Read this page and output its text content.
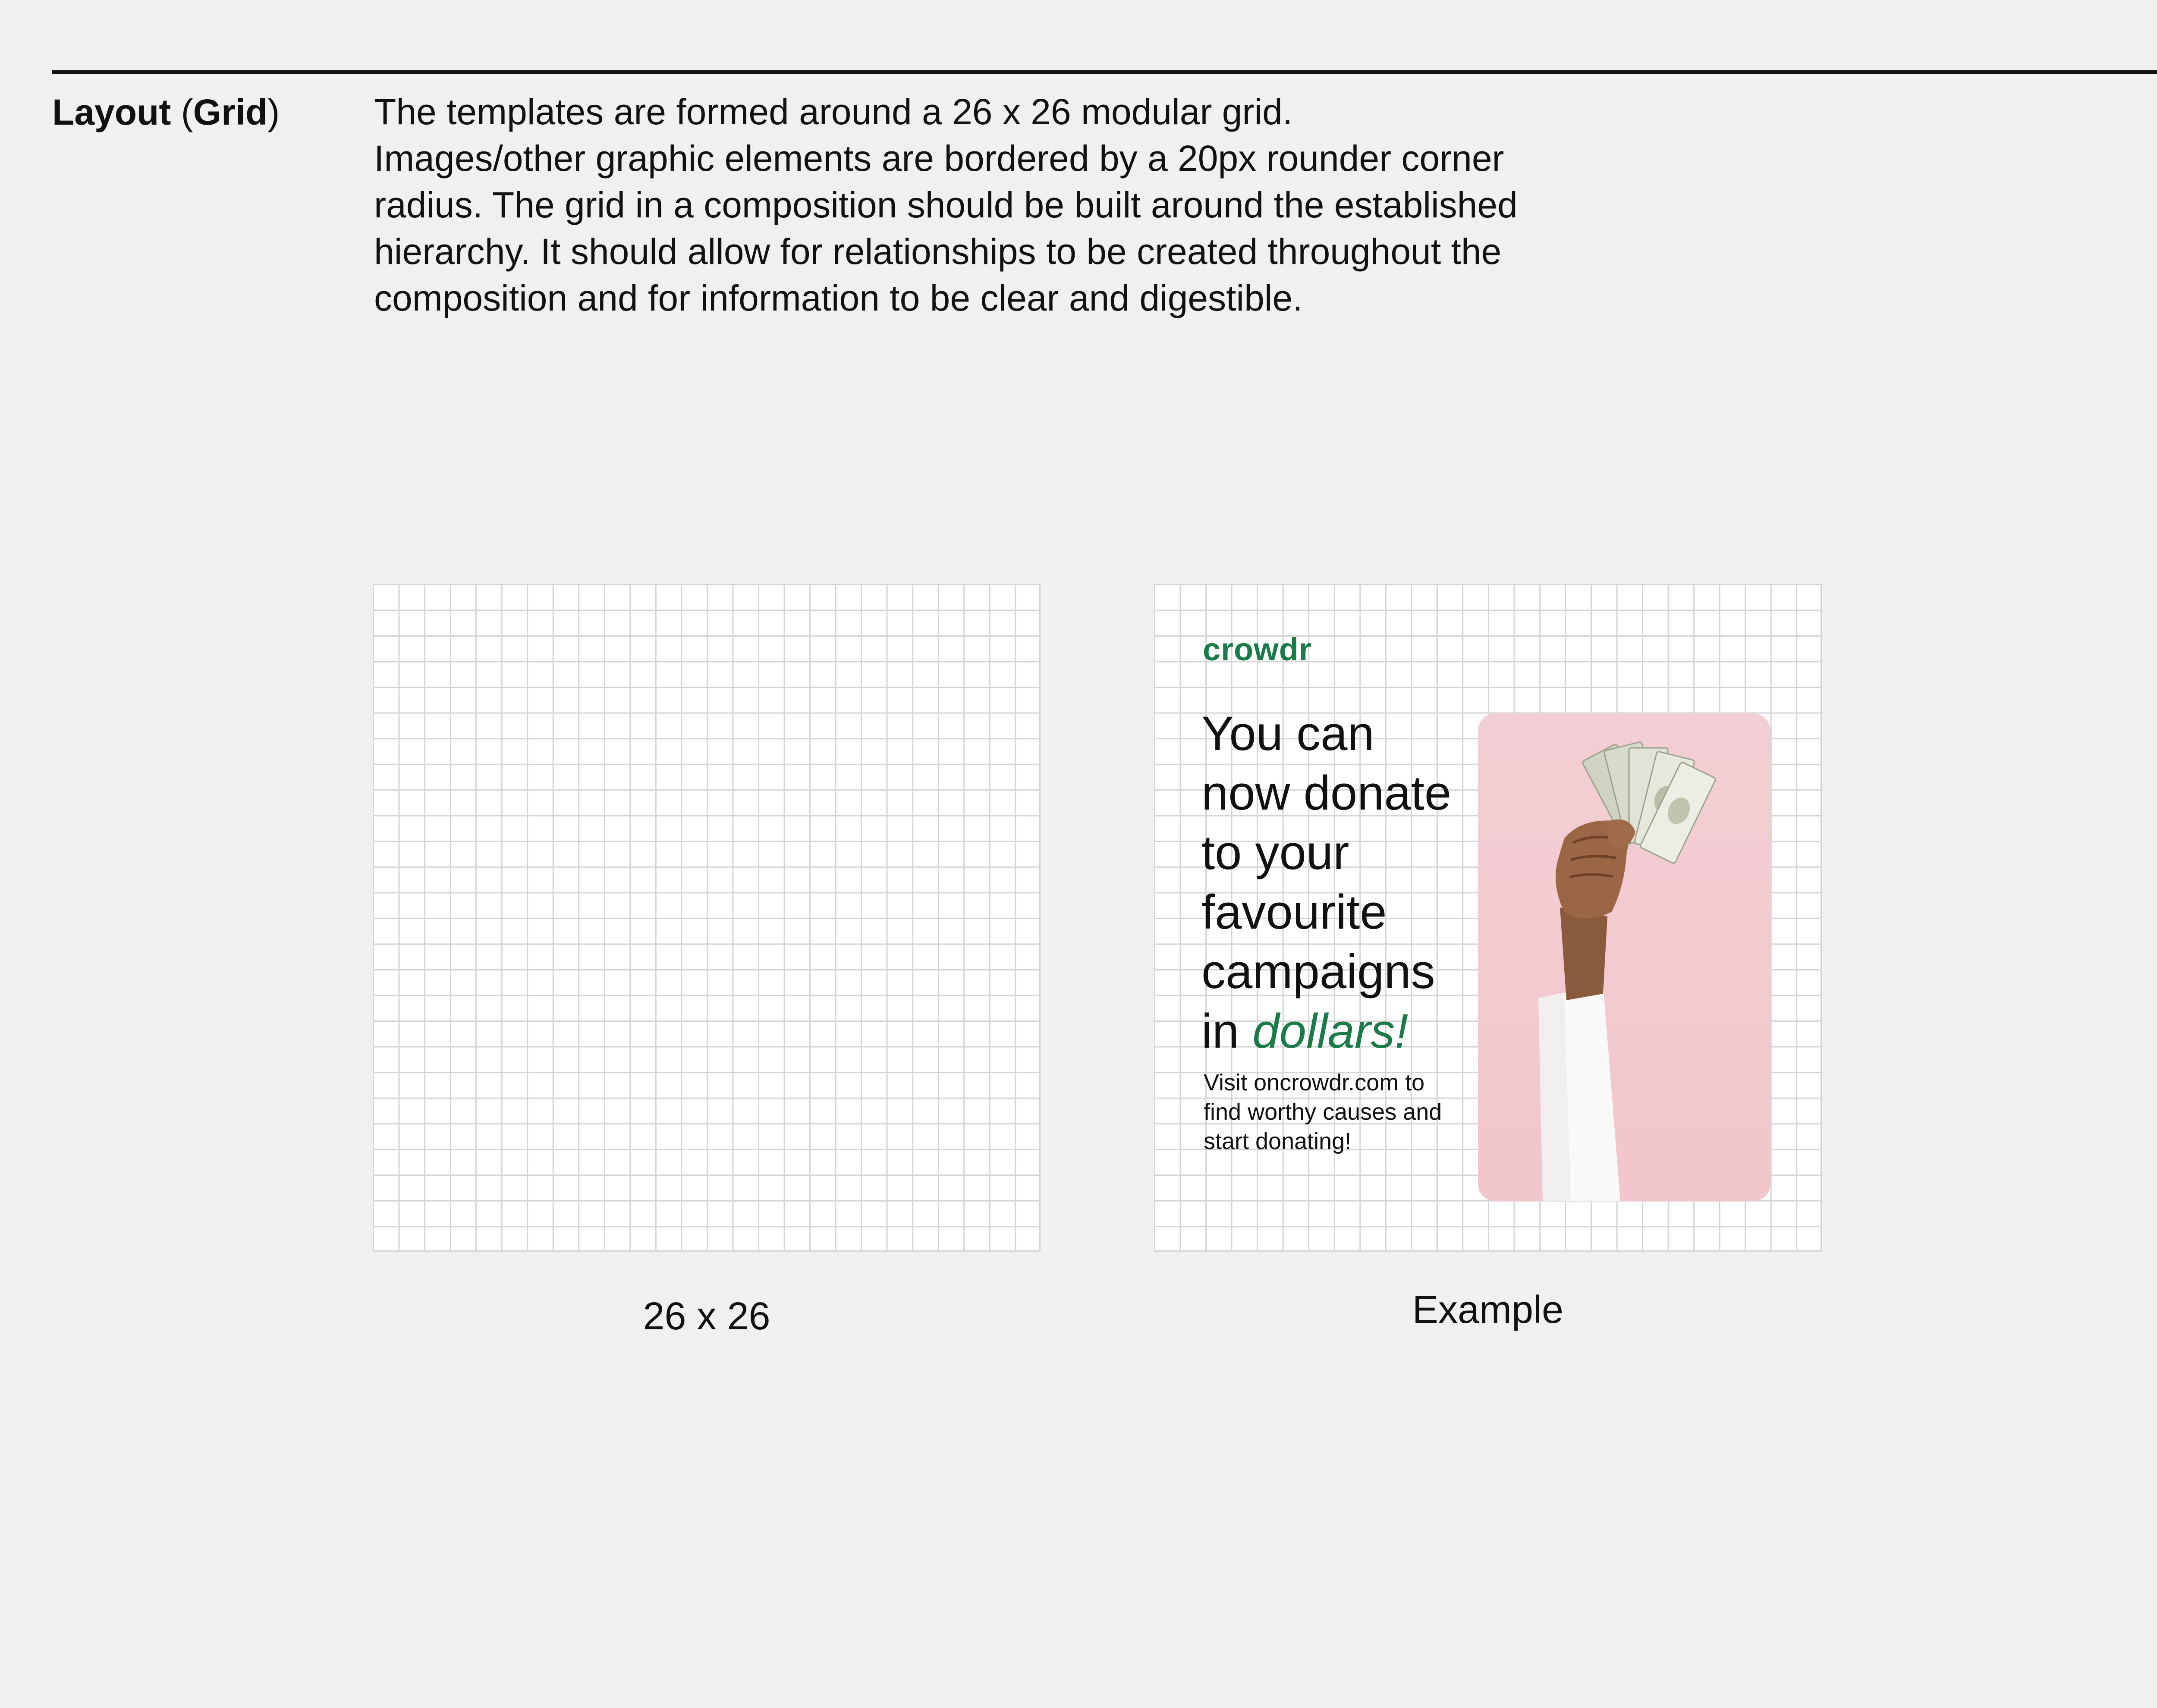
Layout (Grid)	The templates are formed around a 26 x 26 modular grid.

Images/other graphic elements are bordered by a 20px rounder corner

radius. The grid in a composition should be built around the established

hierarchy. It should allow for relationships to be created throughout the

composition and for information to be clear and digestible.

crowdr
You can
now donate
to your
favourite
campaigns
in dollars!
Visit oncrowdr.com to
find worthy causes and
start donating!
26 x 26	Example
